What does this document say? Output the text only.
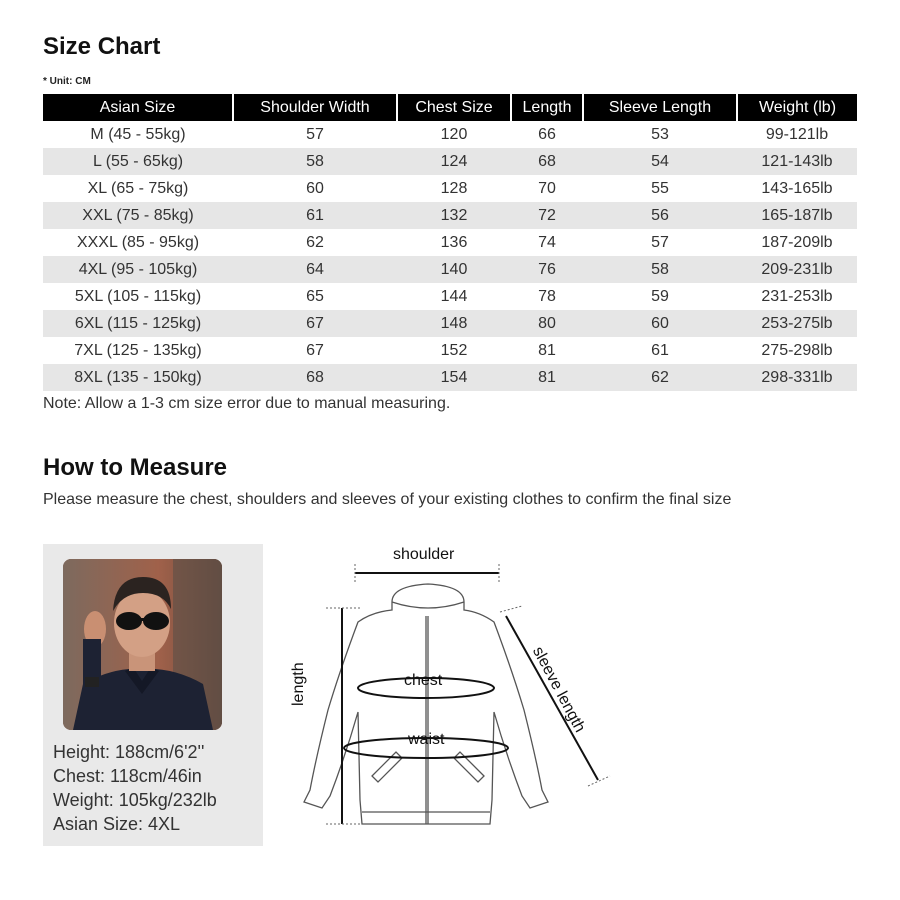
Size Chart
* Unit: CM
Asian Size	Shoulder Width	Chest Size	Length	Sleeve Length	Weight (lb)
M (45 - 55kg)	57	120	66	53	99-121lb
L (55 - 65kg)	58	124	68	54	121-143lb
XL (65 - 75kg)	60	128	70	55	143-165lb
XXL (75 - 85kg)	61	132	72	56	165-187lb
XXXL (85 - 95kg)	62	136	74	57	187-209lb
4XL (95 - 105kg)	64	140	76	58	209-231lb
5XL (105 - 115kg)	65	144	78	59	231-253lb
6XL (115 - 125kg)	67	148	80	60	253-275lb
7XL (125 - 135kg)	67	152	81	61	275-298lb
8XL (135 - 150kg)	68	154	81	62	298-331lb
Note: Allow a 1-3 cm size error due to manual measuring.
How to Measure
Please measure the chest, shoulders and sleeves of your existing clothes to confirm the final size
Height: 188cm/6'2''
Chest: 118cm/46in
Weight: 105kg/232lb
Asian Size: 4XL
shoulder
chest
waist
length	sleeve length
